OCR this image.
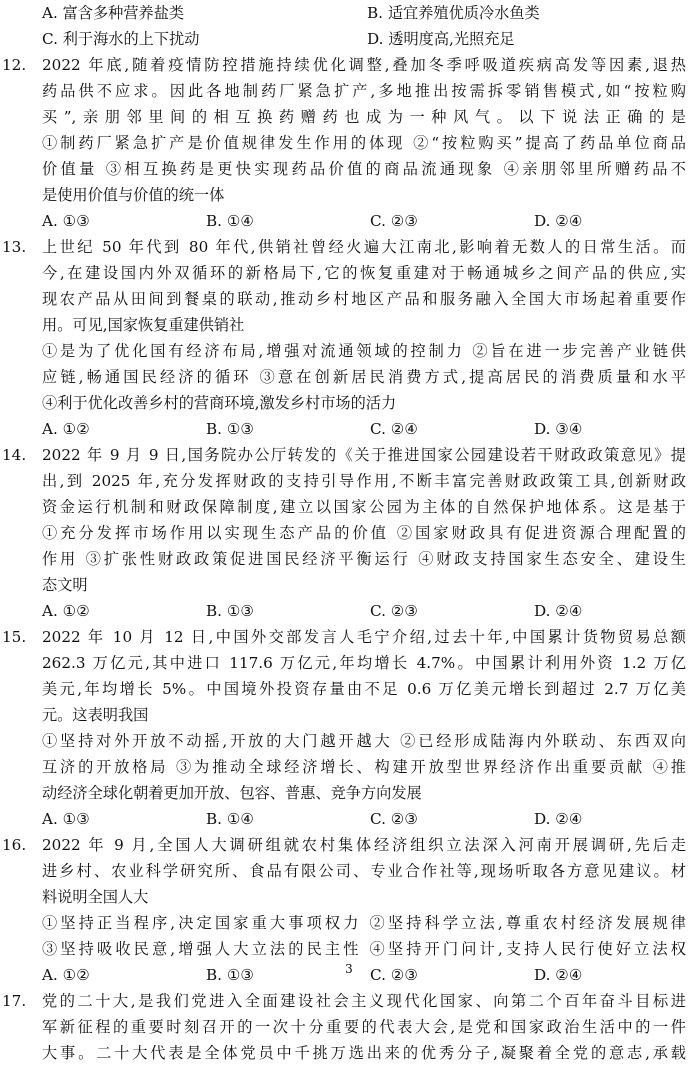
A. 富含多种营养盐类	B. 适宜养殖优质冷水鱼类
C. 利于海水的上下扰动	D. 透明度高,光照充足
12. 2022 年底,随着疫情防控措施持续优化调整,叠加冬季呼吸道疾病高发等因素,退热
药品供不应求。因此各地制药厂紧急扩产,多地推出按需拆零销售模式,如“按粒购
买”,亲朋邻里间的相互换药赠药也成为一种风气。以下说法正确的是
①制药厂紧急扩产是价值规律发生作用的体现 ②“按粒购买”提高了药品单位商品
价值量 ③相互换药是更快实现药品价值的商品流通现象 ④亲朋邻里所赠药品不
是使用价值与价值的统一体
A. ①③	B. ①④	C. ②③	D. ②④
13. 上世纪 50 年代到 80 年代,供销社曾经火遍大江南北,影响着无数人的日常生活。而
今,在建设国内外双循环的新格局下,它的恢复重建对于畅通城乡之间产品的供应,实
现农产品从田间到餐桌的联动,推动乡村地区产品和服务融入全国大市场起着重要作
用。可见,国家恢复重建供销社
①是为了优化国有经济布局,增强对流通领域的控制力 ②旨在进一步完善产业链供
应链,畅通国民经济的循环 ③意在创新居民消费方式,提高居民的消费质量和水平
④利于优化改善乡村的营商环境,激发乡村市场的活力
A. ①②	B. ①③	C. ②④	D. ③④
14. 2022 年 9 月 9 日,国务院办公厅转发的《关于推进国家公园建设若干财政政策意见》提
出,到 2025 年,充分发挥财政的支持引导作用,不断丰富完善财政政策工具,创新财政
资金运行机制和财政保障制度,建立以国家公园为主体的自然保护地体系。这是基于
①充分发挥市场作用以实现生态产品的价值 ②国家财政具有促进资源合理配置的
作用 ③扩张性财政政策促进国民经济平衡运行 ④财政支持国家生态安全、建设生
态文明
A. ①②	B. ①③	C. ②③	D. ②④
15. 2022 年 10 月 12 日,中国外交部发言人毛宁介绍,过去十年,中国累计货物贸易总额
262.3 万亿元,其中进口 117.6 万亿元,年均增长 4.7%。中国累计利用外资 1.2 万亿
美元,年均增长 5%。中国境外投资存量由不足 0.6 万亿美元增长到超过 2.7 万亿美
元。这表明我国
①坚持对外开放不动摇,开放的大门越开越大 ②已经形成陆海内外联动、东西双向
互济的开放格局 ③为推动全球经济增长、构建开放型世界经济作出重要贡献 ④推
动经济全球化朝着更加开放、包容、普惠、竞争方向发展
A. ①③	B. ①④	C. ②③	D. ②④
16. 2022 年 9 月,全国人大调研组就农村集体经济组织立法深入河南开展调研,先后走
进乡村、农业科学研究所、食品有限公司、专业合作社等,现场听取各方意见建议。材
料说明全国人大
①坚持正当程序,决定国家重大事项权力 ②坚持科学立法,尊重农村经济发展规律
③坚持吸收民意,增强人大立法的民主性 ④坚持开门问计,支持人民行使好立法权
A. ①②	B. ①③	C. ②③	D. ②④
17. 党的二十大,是我们党进入全面建设社会主义现代化国家、向第二个百年奋斗目标进
军新征程的重要时刻召开的一次十分重要的代表大会,是党和国家政治生活中的一件
大事。二十大代表是全体党员中千挑万选出来的优秀分子,凝聚着全党的意志,承载
3
